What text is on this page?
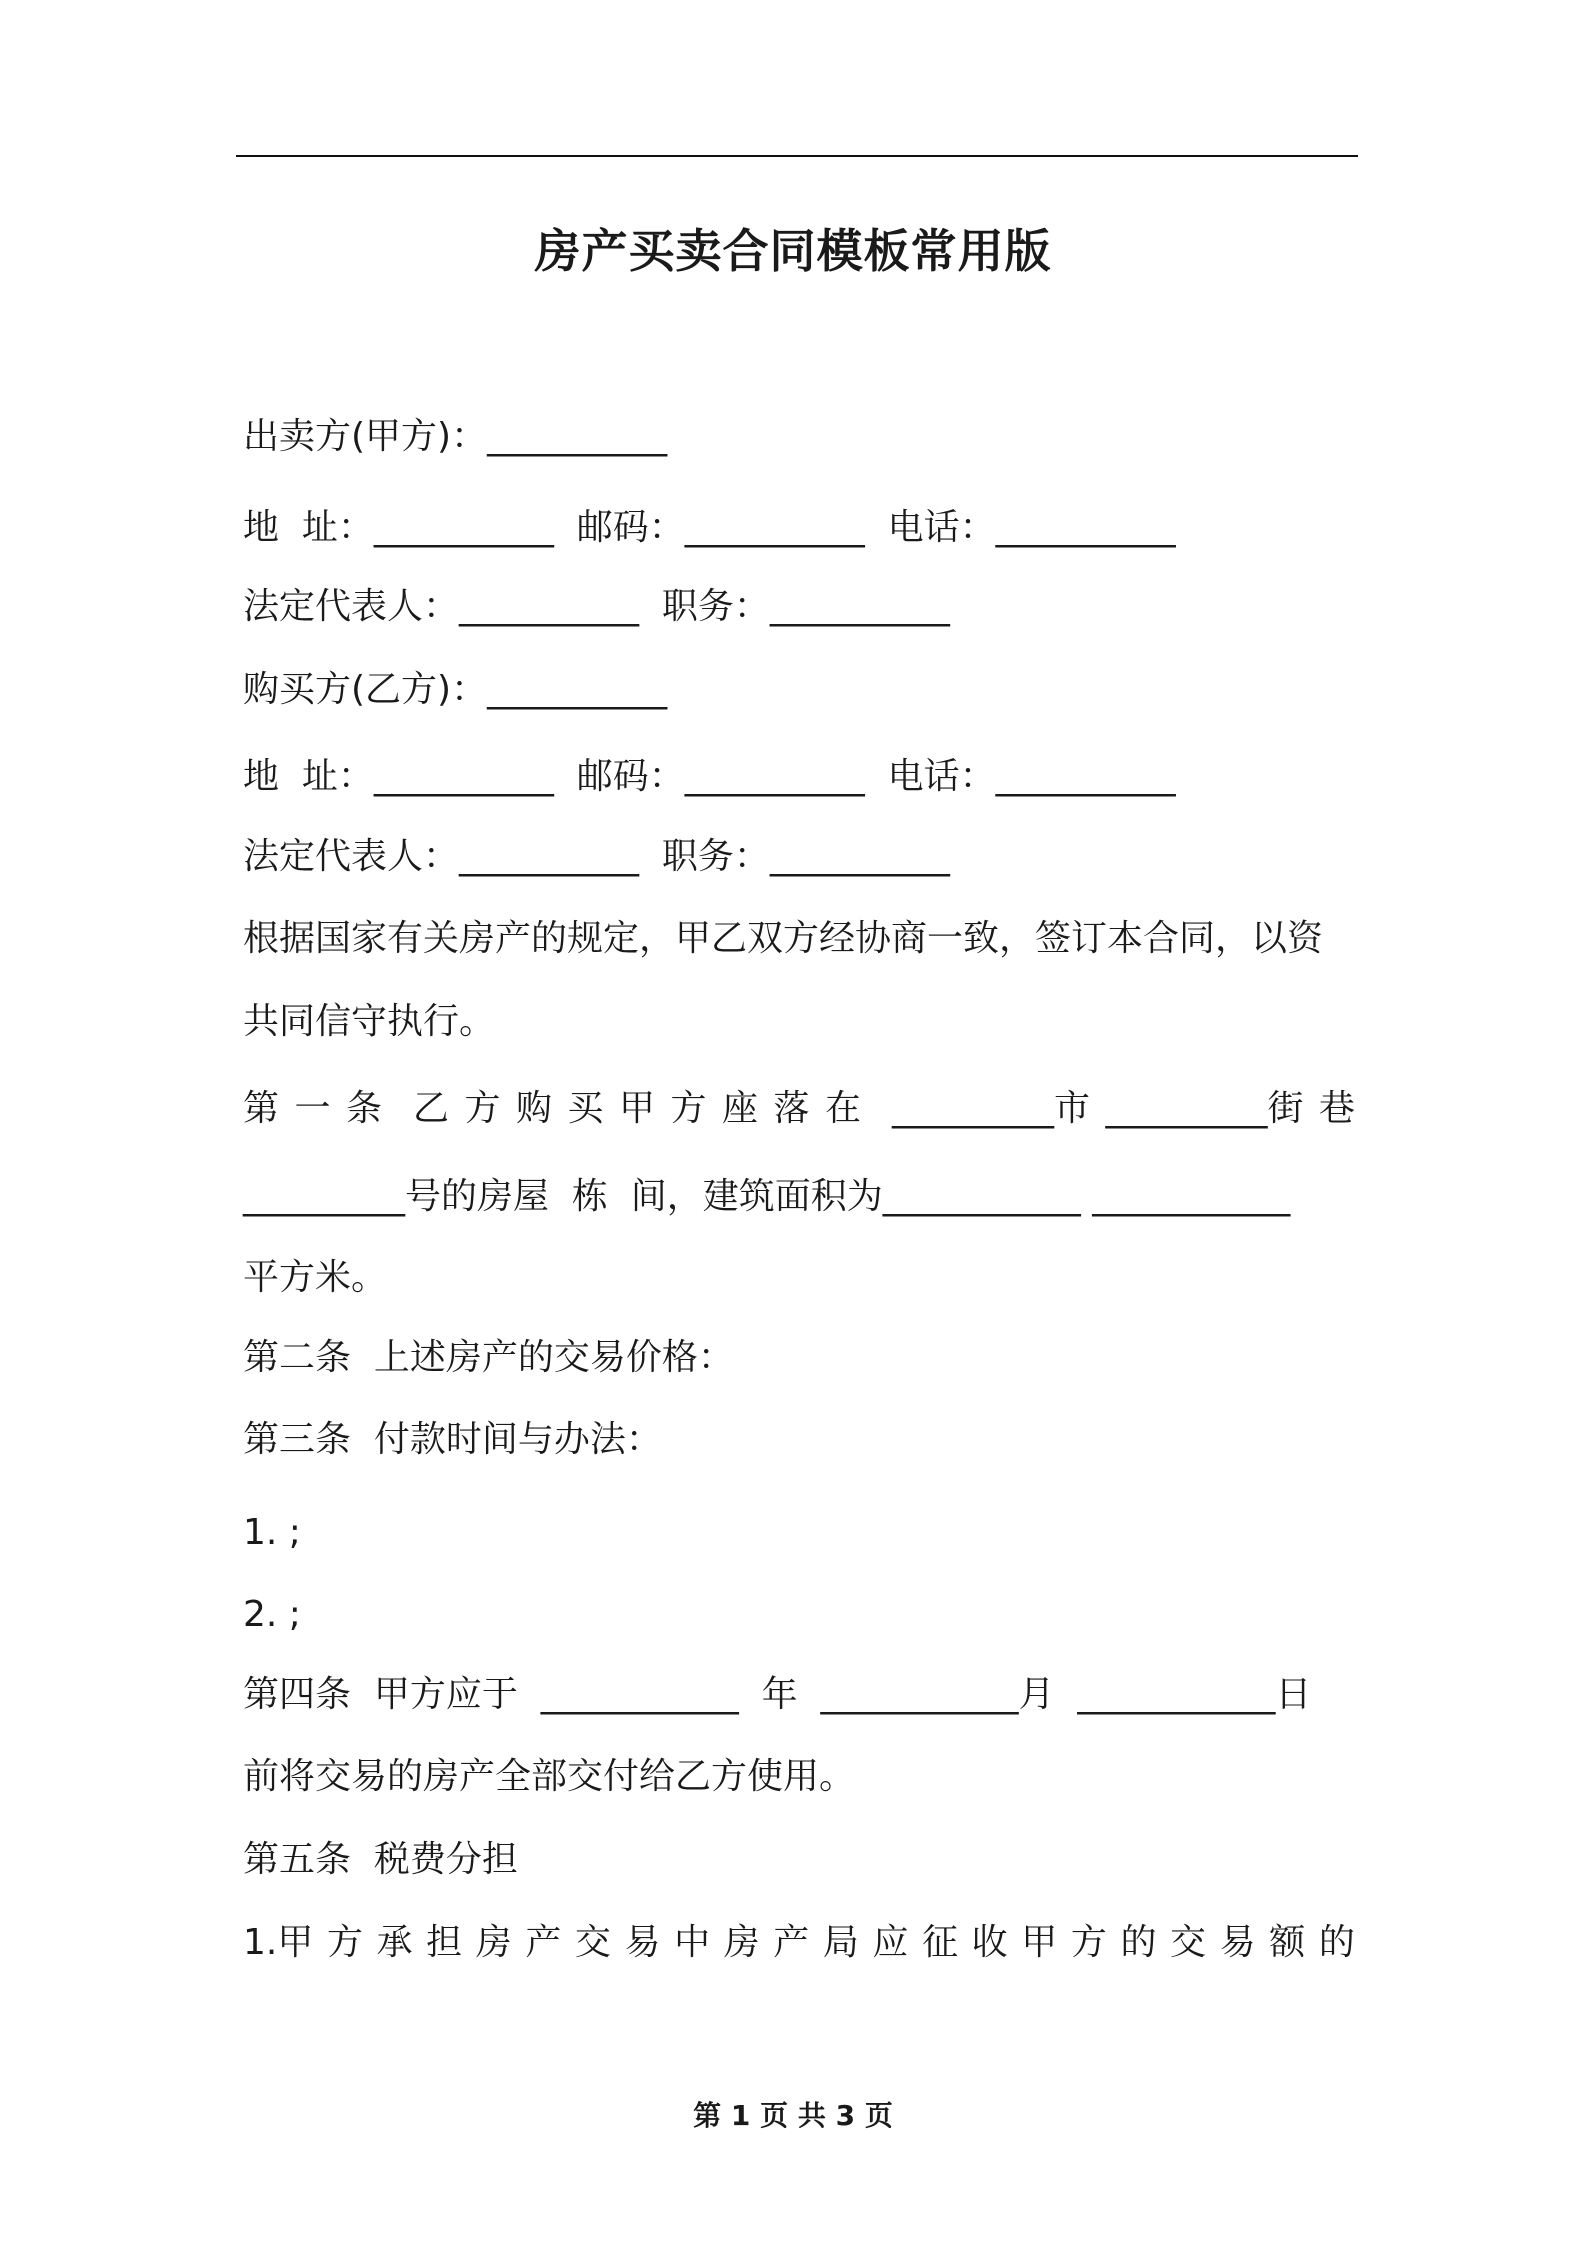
房产买卖合同模板常用版
出卖方(甲方)：__________
地  址：__________  邮码：__________  电话：__________
法定代表人：__________  职务：__________
购买方(乙方)：__________
地  址：__________  邮码：__________  电话：__________
法定代表人：__________  职务：__________
根据国家有关房产的规定，甲乙双方经协商一致，签订本合同，以资
共同信守执行。
第 一 条 乙 方 购 买 甲 方 座 落 在 _________市 _________街 巷
_________号的房屋  栋  间，建筑面积为___________ ___________
平方米。
第二条  上述房产的交易价格：
第三条  付款时间与办法：
1. ;
2. ;
第四条  甲方应于  ___________  年  ___________月  ___________日
前将交易的房产全部交付给乙方使用。
第五条  税费分担
1.甲 方 承 担 房 产 交 易 中 房 产 局 应 征 收 甲 方 的 交 易 额 的
第 1 页 共 3 页
